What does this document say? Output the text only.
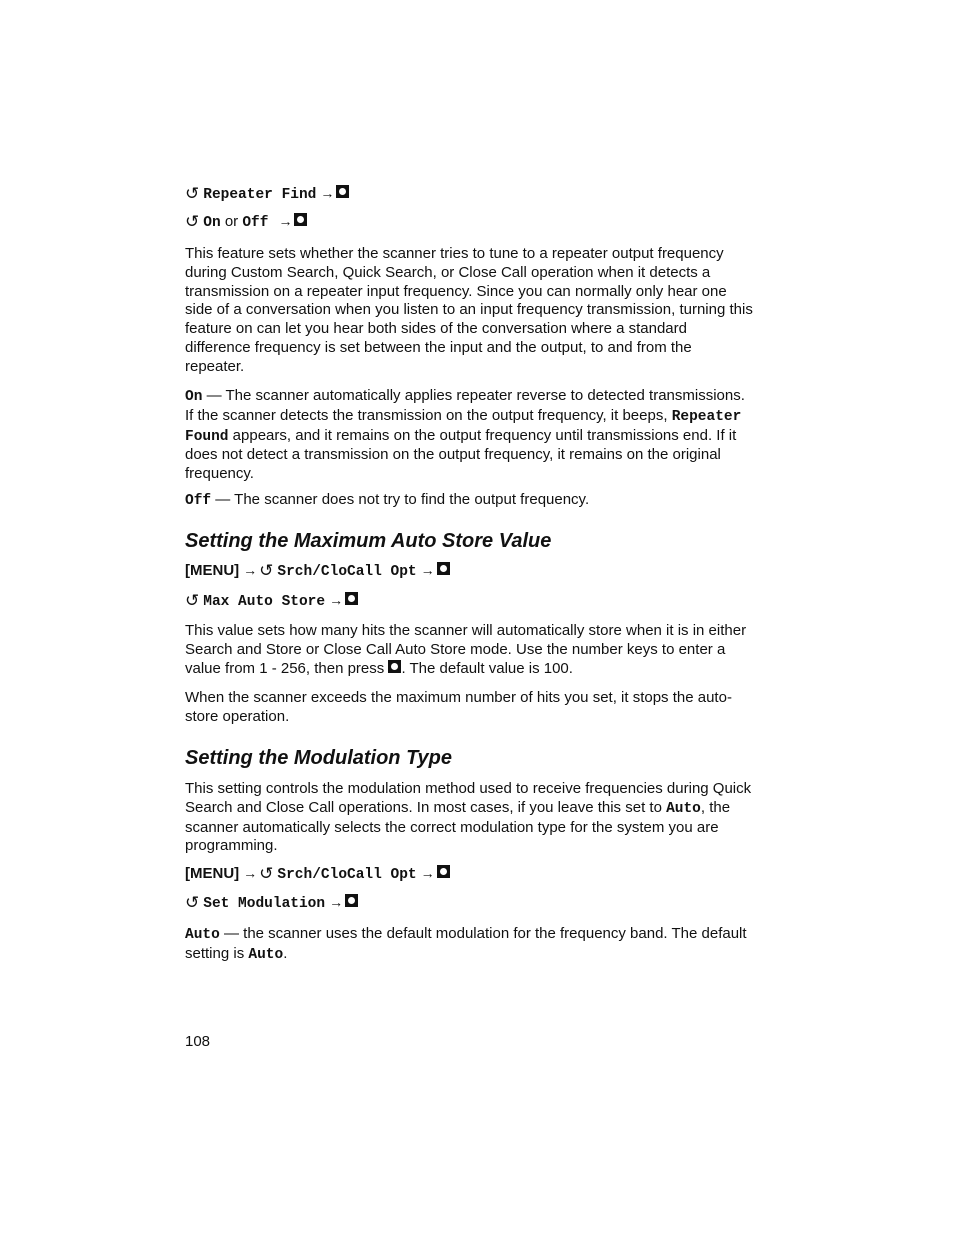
↺ Repeater Find →
↺ On or Off →

This feature sets whether the scanner tries to tune to a repeater output frequency during Custom Search, Quick Search, or Close Call operation when it detects a transmission on a repeater input frequency. Since you can normally only hear one side of a conversation when you listen to an input frequency transmission, turning this feature on can let you hear both sides of the conversation where a standard difference frequency is set between the input and the output, to and from the repeater.

On — The scanner automatically applies repeater reverse to detected transmissions. If the scanner detects the transmission on the output frequency, it beeps, Repeater Found appears, and it remains on the output frequency until transmissions end. If it does not detect a transmission on the output frequency, it remains on the original frequency.

Off — The scanner does not try to find the output frequency.

Setting the Maximum Auto Store Value
[MENU] → ↺ Srch/CloCall Opt →
↺ Max Auto Store →

This value sets how many hits the scanner will automatically store when it is in either Search and Store or Close Call Auto Store mode. Use the number keys to enter a value from 1 - 256, then press . The default value is 100.

When the scanner exceeds the maximum number of hits you set, it stops the auto-store operation.

Setting the Modulation Type

This setting controls the modulation method used to receive frequencies during Quick Search and Close Call operations. In most cases, if you leave this set to Auto, the scanner automatically selects the correct modulation type for the system you are programming.

[MENU] → ↺ Srch/CloCall Opt →
↺ Set Modulation →

Auto — the scanner uses the default modulation for the frequency band. The default setting is Auto.

108
